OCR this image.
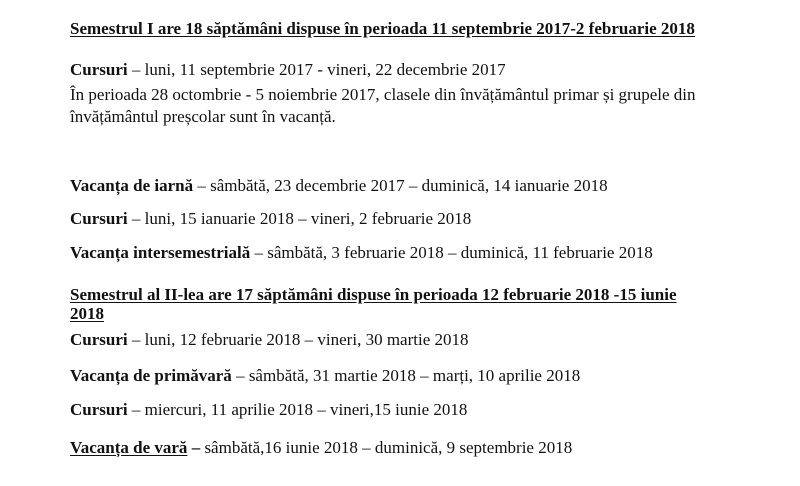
Semestrul I are 18 săptămâni dispuse în perioada 11 septembrie 2017-2 februarie 2018
Cursuri – luni, 11 septembrie 2017 - vineri, 22 decembrie 2017
În perioada 28 octombrie - 5 noiembrie 2017, clasele din învățământul primar și grupele din
învățământul preșcolar sunt în vacanță.
Vacanța de iarnă – sâmbătă, 23 decembrie 2017 – duminică, 14 ianuarie 2018
Cursuri – luni, 15 ianuarie 2018 – vineri, 2 februarie 2018
Vacanța intersemestrială – sâmbătă, 3 februarie 2018 – duminică, 11 februarie 2018
Semestrul al II-lea are 17 săptămâni dispuse în perioada 12 februarie 2018 -15 iunie
2018
Cursuri – luni, 12 februarie 2018 – vineri, 30 martie 2018
Vacanța de primăvară – sâmbătă, 31 martie 2018 – marți, 10 aprilie 2018
Cursuri – miercuri, 11 aprilie 2018 – vineri,15 iunie 2018
Vacanța de vară – sâmbătă,16 iunie 2018 – duminică, 9 septembrie 2018
